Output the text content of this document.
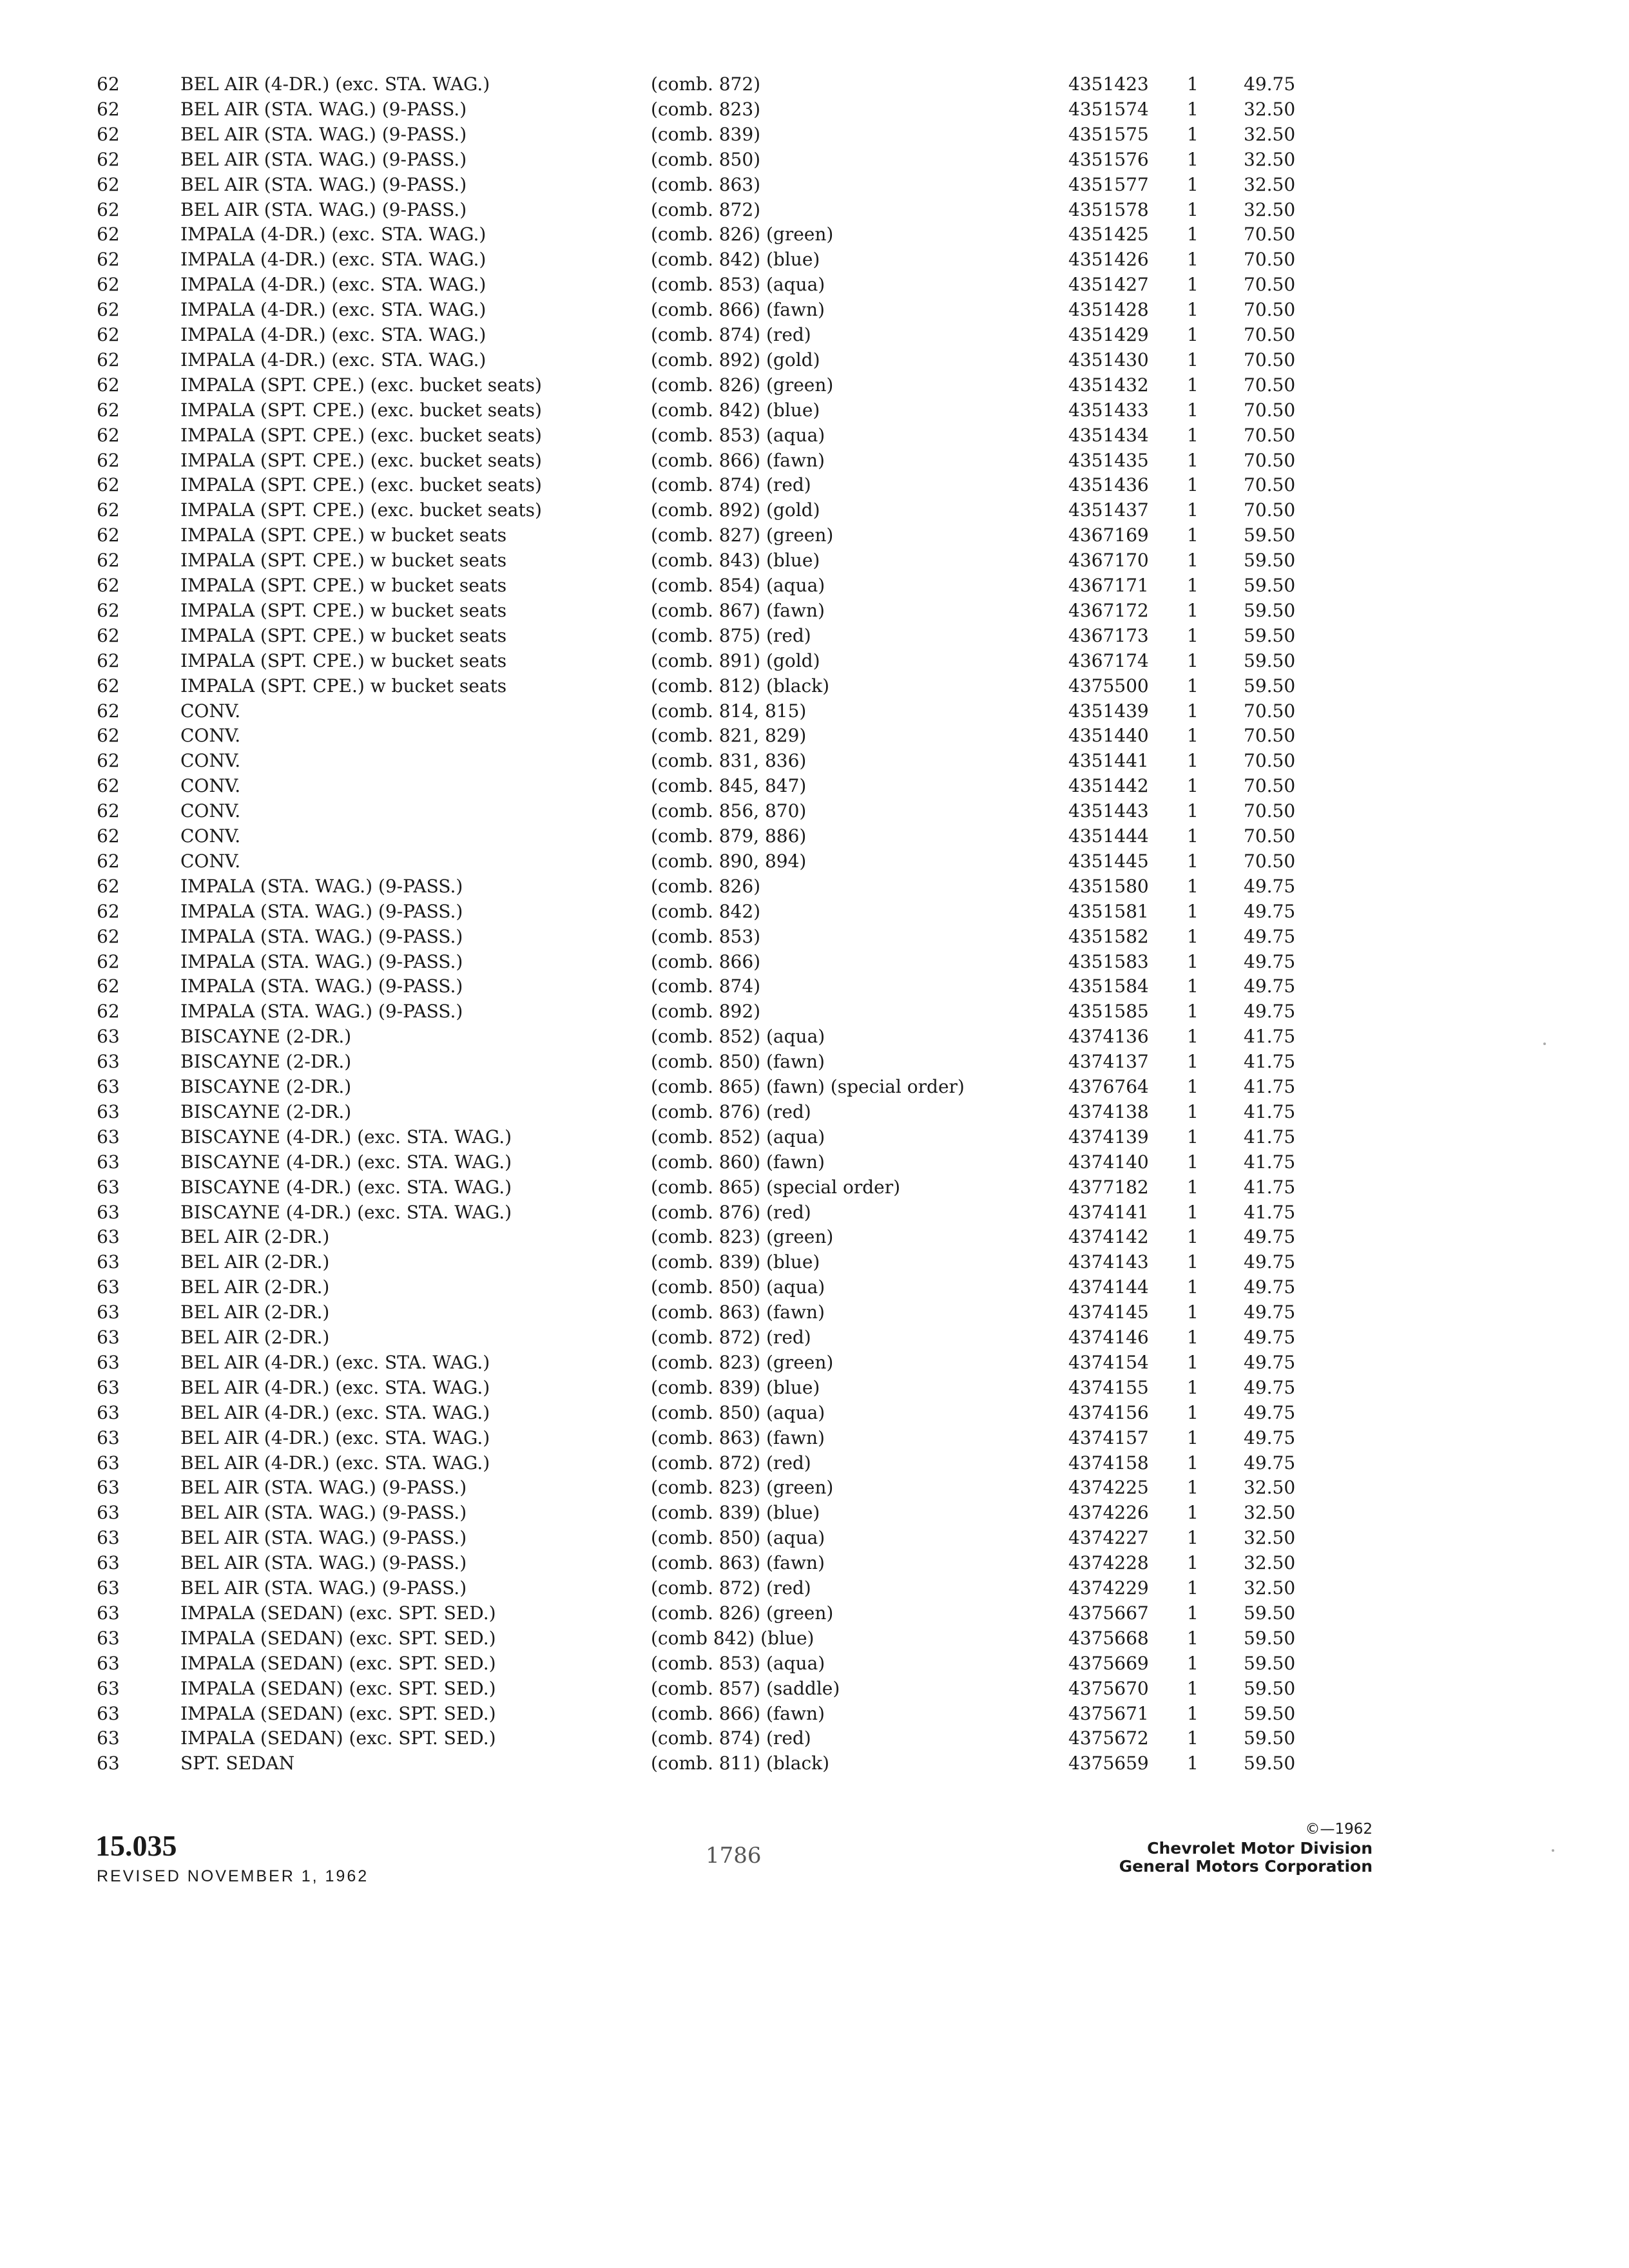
62	BEL AIR (4-DR.) (exc. STA. WAG.)	(comb. 872)	4351423	1	49.75
62	BEL AIR (STA. WAG.) (9-PASS.)	(comb. 823)	4351574	1	32.50
62	BEL AIR (STA. WAG.) (9-PASS.)	(comb. 839)	4351575	1	32.50
62	BEL AIR (STA. WAG.) (9-PASS.)	(comb. 850)	4351576	1	32.50
62	BEL AIR (STA. WAG.) (9-PASS.)	(comb. 863)	4351577	1	32.50
62	BEL AIR (STA. WAG.) (9-PASS.)	(comb. 872)	4351578	1	32.50
62	IMPALA (4-DR.) (exc. STA. WAG.)	(comb. 826) (green)	4351425	1	70.50
62	IMPALA (4-DR.) (exc. STA. WAG.)	(comb. 842) (blue)	4351426	1	70.50
62	IMPALA (4-DR.) (exc. STA. WAG.)	(comb. 853) (aqua)	4351427	1	70.50
62	IMPALA (4-DR.) (exc. STA. WAG.)	(comb. 866) (fawn)	4351428	1	70.50
62	IMPALA (4-DR.) (exc. STA. WAG.)	(comb. 874) (red)	4351429	1	70.50
62	IMPALA (4-DR.) (exc. STA. WAG.)	(comb. 892) (gold)	4351430	1	70.50
62	IMPALA (SPT. CPE.) (exc. bucket seats)	(comb. 826) (green)	4351432	1	70.50
62	IMPALA (SPT. CPE.) (exc. bucket seats)	(comb. 842) (blue)	4351433	1	70.50
62	IMPALA (SPT. CPE.) (exc. bucket seats)	(comb. 853) (aqua)	4351434	1	70.50
62	IMPALA (SPT. CPE.) (exc. bucket seats)	(comb. 866) (fawn)	4351435	1	70.50
62	IMPALA (SPT. CPE.) (exc. bucket seats)	(comb. 874) (red)	4351436	1	70.50
62	IMPALA (SPT. CPE.) (exc. bucket seats)	(comb. 892) (gold)	4351437	1	70.50
62	IMPALA (SPT. CPE.) w bucket seats	(comb. 827) (green)	4367169	1	59.50
62	IMPALA (SPT. CPE.) w bucket seats	(comb. 843) (blue)	4367170	1	59.50
62	IMPALA (SPT. CPE.) w bucket seats	(comb. 854) (aqua)	4367171	1	59.50
62	IMPALA (SPT. CPE.) w bucket seats	(comb. 867) (fawn)	4367172	1	59.50
62	IMPALA (SPT. CPE.) w bucket seats	(comb. 875) (red)	4367173	1	59.50
62	IMPALA (SPT. CPE.) w bucket seats	(comb. 891) (gold)	4367174	1	59.50
62	IMPALA (SPT. CPE.) w bucket seats	(comb. 812) (black)	4375500	1	59.50
62	CONV.	(comb. 814, 815)	4351439	1	70.50
62	CONV.	(comb. 821, 829)	4351440	1	70.50
62	CONV.	(comb. 831, 836)	4351441	1	70.50
62	CONV.	(comb. 845, 847)	4351442	1	70.50
62	CONV.	(comb. 856, 870)	4351443	1	70.50
62	CONV.	(comb. 879, 886)	4351444	1	70.50
62	CONV.	(comb. 890, 894)	4351445	1	70.50
62	IMPALA (STA. WAG.) (9-PASS.)	(comb. 826)	4351580	1	49.75
62	IMPALA (STA. WAG.) (9-PASS.)	(comb. 842)	4351581	1	49.75
62	IMPALA (STA. WAG.) (9-PASS.)	(comb. 853)	4351582	1	49.75
62	IMPALA (STA. WAG.) (9-PASS.)	(comb. 866)	4351583	1	49.75
62	IMPALA (STA. WAG.) (9-PASS.)	(comb. 874)	4351584	1	49.75
62	IMPALA (STA. WAG.) (9-PASS.)	(comb. 892)	4351585	1	49.75
63	BISCAYNE (2-DR.)	(comb. 852) (aqua)	4374136	1	41.75
63	BISCAYNE (2-DR.)	(comb. 850) (fawn)	4374137	1	41.75
63	BISCAYNE (2-DR.)	(comb. 865) (fawn) (special order)	4376764	1	41.75
63	BISCAYNE (2-DR.)	(comb. 876) (red)	4374138	1	41.75
63	BISCAYNE (4-DR.) (exc. STA. WAG.)	(comb. 852) (aqua)	4374139	1	41.75
63	BISCAYNE (4-DR.) (exc. STA. WAG.)	(comb. 860) (fawn)	4374140	1	41.75
63	BISCAYNE (4-DR.) (exc. STA. WAG.)	(comb. 865) (special order)	4377182	1	41.75
63	BISCAYNE (4-DR.) (exc. STA. WAG.)	(comb. 876) (red)	4374141	1	41.75
63	BEL AIR (2-DR.)	(comb. 823) (green)	4374142	1	49.75
63	BEL AIR (2-DR.)	(comb. 839) (blue)	4374143	1	49.75
63	BEL AIR (2-DR.)	(comb. 850) (aqua)	4374144	1	49.75
63	BEL AIR (2-DR.)	(comb. 863) (fawn)	4374145	1	49.75
63	BEL AIR (2-DR.)	(comb. 872) (red)	4374146	1	49.75
63	BEL AIR (4-DR.) (exc. STA. WAG.)	(comb. 823) (green)	4374154	1	49.75
63	BEL AIR (4-DR.) (exc. STA. WAG.)	(comb. 839) (blue)	4374155	1	49.75
63	BEL AIR (4-DR.) (exc. STA. WAG.)	(comb. 850) (aqua)	4374156	1	49.75
63	BEL AIR (4-DR.) (exc. STA. WAG.)	(comb. 863) (fawn)	4374157	1	49.75
63	BEL AIR (4-DR.) (exc. STA. WAG.)	(comb. 872) (red)	4374158	1	49.75
63	BEL AIR (STA. WAG.) (9-PASS.)	(comb. 823) (green)	4374225	1	32.50
63	BEL AIR (STA. WAG.) (9-PASS.)	(comb. 839) (blue)	4374226	1	32.50
63	BEL AIR (STA. WAG.) (9-PASS.)	(comb. 850) (aqua)	4374227	1	32.50
63	BEL AIR (STA. WAG.) (9-PASS.)	(comb. 863) (fawn)	4374228	1	32.50
63	BEL AIR (STA. WAG.) (9-PASS.)	(comb. 872) (red)	4374229	1	32.50
63	IMPALA (SEDAN) (exc. SPT. SED.)	(comb. 826) (green)	4375667	1	59.50
63	IMPALA (SEDAN) (exc. SPT. SED.)	(comb 842) (blue)	4375668	1	59.50
63	IMPALA (SEDAN) (exc. SPT. SED.)	(comb. 853) (aqua)	4375669	1	59.50
63	IMPALA (SEDAN) (exc. SPT. SED.)	(comb. 857) (saddle)	4375670	1	59.50
63	IMPALA (SEDAN) (exc. SPT. SED.)	(comb. 866) (fawn)	4375671	1	59.50
63	IMPALA (SEDAN) (exc. SPT. SED.)	(comb. 874) (red)	4375672	1	59.50
63	SPT. SEDAN	(comb. 811) (black)	4375659	1	59.50
15.035
REVISED NOVEMBER 1, 1962
1786
©—1962
Chevrolet Motor Division
General Motors Corporation
